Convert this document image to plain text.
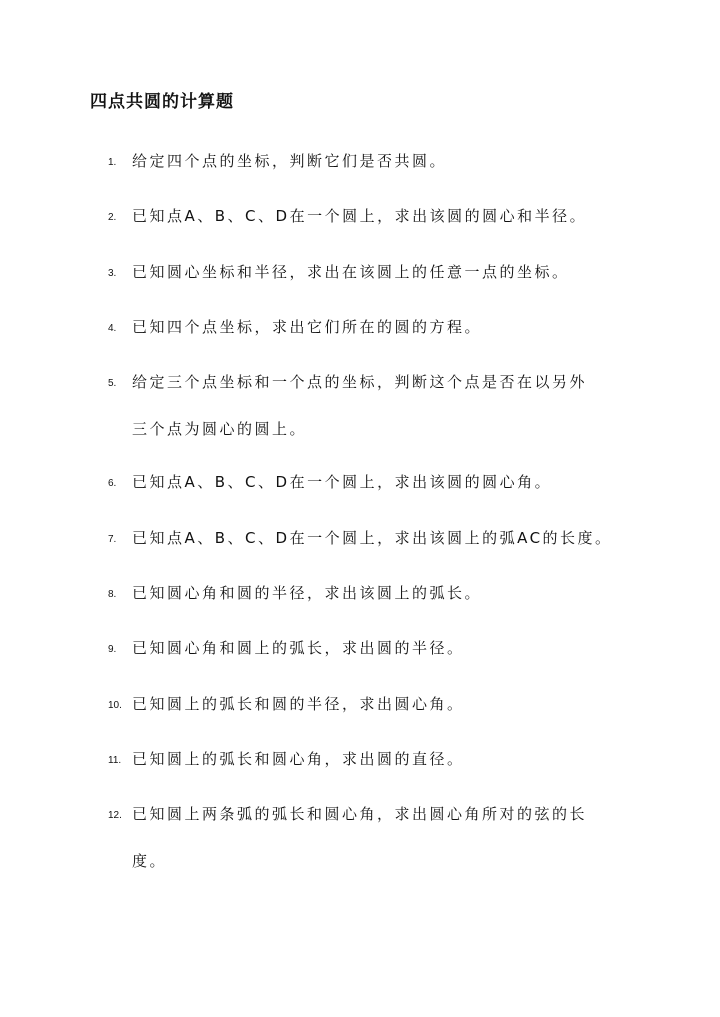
四点共圆的计算题
1.	给定四个点的坐标，判断它们是否共圆。
2.	已知点A、B、C、D在一个圆上，求出该圆的圆心和半径。
3.	已知圆心坐标和半径，求出在该圆上的任意一点的坐标。
4.	已知四个点坐标，求出它们所在的圆的方程。
5.	给定三个点坐标和一个点的坐标，判断这个点是否在以另外
三个点为圆心的圆上。
6.	已知点A、B、C、D在一个圆上，求出该圆的圆心角。
7.	已知点A、B、C、D在一个圆上，求出该圆上的弧AC的长度。
8.	已知圆心角和圆的半径，求出该圆上的弧长。
9.	已知圆心角和圆上的弧长，求出圆的半径。
10. 已知圆上的弧长和圆的半径，求出圆心角。
11. 已知圆上的弧长和圆心角，求出圆的直径。
12. 已知圆上两条弧的弧长和圆心角，求出圆心角所对的弦的长
度。
